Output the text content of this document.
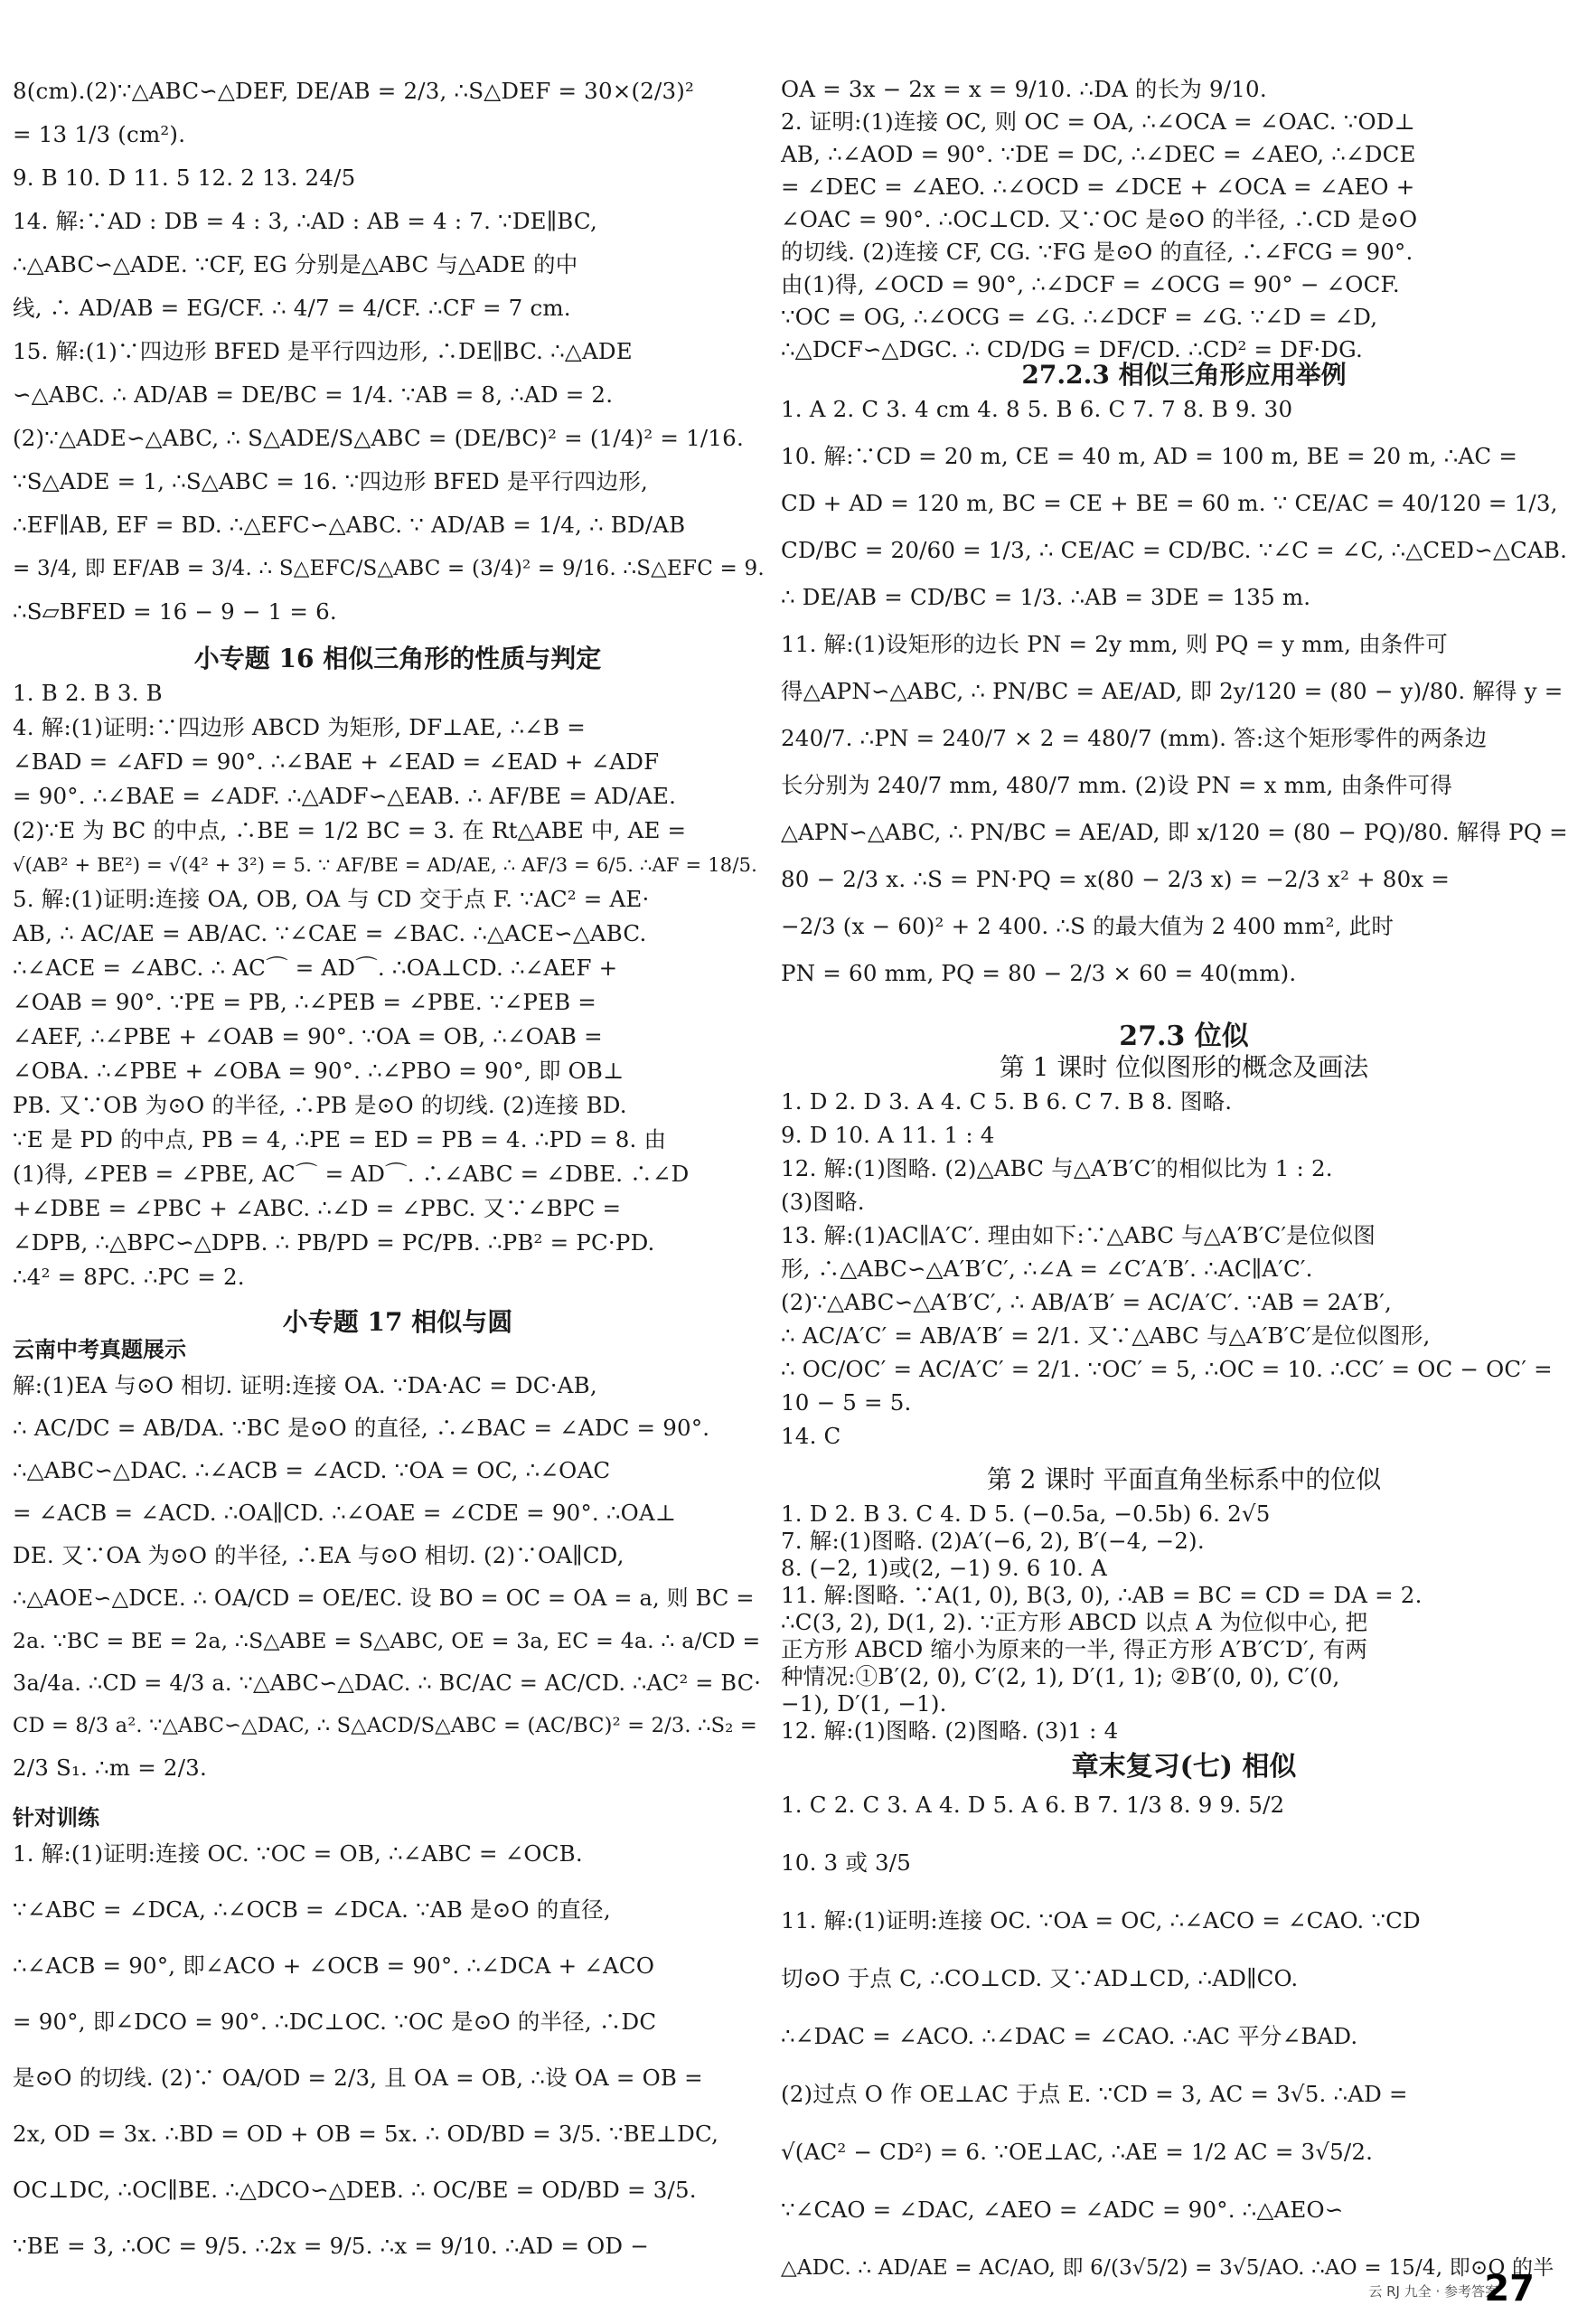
8(cm).(2)∵△ABC∽△DEF, DE/AB = 2/3, ∴S△DEF = 30×(2/3)²
= 13 1/3 (cm²).
9. B 10. D 11. 5 12. 2 13. 24/5
14. 解:∵AD : DB = 4 : 3, ∴AD : AB = 4 : 7. ∵DE∥BC,
∴△ABC∽△ADE. ∵CF, EG 分别是△ABC 与△ADE 的中
线, ∴ AD/AB = EG/CF. ∴ 4/7 = 4/CF. ∴CF = 7 cm.
15. 解:(1)∵四边形 BFED 是平行四边形, ∴DE∥BC. ∴△ADE
∽△ABC. ∴ AD/AB = DE/BC = 1/4. ∵AB = 8, ∴AD = 2.
(2)∵△ADE∽△ABC, ∴ S△ADE/S△ABC = (DE/BC)² = (1/4)² = 1/16.
∵S△ADE = 1, ∴S△ABC = 16. ∵四边形 BFED 是平行四边形,
∴EF∥AB, EF = BD. ∴△EFC∽△ABC. ∵ AD/AB = 1/4, ∴ BD/AB
= 3/4, 即 EF/AB = 3/4. ∴ S△EFC/S△ABC = (3/4)² = 9/16. ∴S△EFC = 9.
∴S▱BFED = 16 − 9 − 1 = 6.
小专题 16 相似三角形的性质与判定
1. B 2. B 3. B
4. 解:(1)证明:∵四边形 ABCD 为矩形, DF⊥AE, ∴∠B =
∠BAD = ∠AFD = 90°. ∴∠BAE + ∠EAD = ∠EAD + ∠ADF
= 90°. ∴∠BAE = ∠ADF. ∴△ADF∽△EAB. ∴ AF/BE = AD/AE.
(2)∵E 为 BC 的中点, ∴BE = 1/2 BC = 3. 在 Rt△ABE 中, AE =
√(AB² + BE²) = √(4² + 3²) = 5. ∵ AF/BE = AD/AE, ∴ AF/3 = 6/5. ∴AF = 18/5.
5. 解:(1)证明:连接 OA, OB, OA 与 CD 交于点 F. ∵AC² = AE·
AB, ∴ AC/AE = AB/AC. ∵∠CAE = ∠BAC. ∴△ACE∽△ABC.
∴∠ACE = ∠ABC. ∴ AC⌒ = AD⌒. ∴OA⊥CD. ∴∠AEF +
∠OAB = 90°. ∵PE = PB, ∴∠PEB = ∠PBE. ∵∠PEB =
∠AEF, ∴∠PBE + ∠OAB = 90°. ∵OA = OB, ∴∠OAB =
∠OBA. ∴∠PBE + ∠OBA = 90°. ∴∠PBO = 90°, 即 OB⊥
PB. 又∵OB 为⊙O 的半径, ∴PB 是⊙O 的切线. (2)连接 BD.
∵E 是 PD 的中点, PB = 4, ∴PE = ED = PB = 4. ∴PD = 8. 由
(1)得, ∠PEB = ∠PBE, AC⌒ = AD⌒. ∴∠ABC = ∠DBE. ∴∠D
+∠DBE = ∠PBC + ∠ABC. ∴∠D = ∠PBC. 又∵∠BPC =
∠DPB, ∴△BPC∽△DPB. ∴ PB/PD = PC/PB. ∴PB² = PC·PD.
∴4² = 8PC. ∴PC = 2.
小专题 17 相似与圆
云南中考真题展示
解:(1)EA 与⊙O 相切. 证明:连接 OA. ∵DA·AC = DC·AB,
∴ AC/DC = AB/DA. ∵BC 是⊙O 的直径, ∴∠BAC = ∠ADC = 90°.
∴△ABC∽△DAC. ∴∠ACB = ∠ACD. ∵OA = OC, ∴∠OAC
= ∠ACB = ∠ACD. ∴OA∥CD. ∴∠OAE = ∠CDE = 90°. ∴OA⊥
DE. 又∵OA 为⊙O 的半径, ∴EA 与⊙O 相切. (2)∵OA∥CD,
∴△AOE∽△DCE. ∴ OA/CD = OE/EC. 设 BO = OC = OA = a, 则 BC =
2a. ∵BC = BE = 2a, ∴S△ABE = S△ABC, OE = 3a, EC = 4a. ∴ a/CD =
3a/4a. ∴CD = 4/3 a. ∵△ABC∽△DAC. ∴ BC/AC = AC/CD. ∴AC² = BC·
CD = 8/3 a². ∵△ABC∽△DAC, ∴ S△ACD/S△ABC = (AC/BC)² = 2/3. ∴S₂ =
2/3 S₁. ∴m = 2/3.
针对训练
1. 解:(1)证明:连接 OC. ∵OC = OB, ∴∠ABC = ∠OCB.
∵∠ABC = ∠DCA, ∴∠OCB = ∠DCA. ∵AB 是⊙O 的直径,
∴∠ACB = 90°, 即∠ACO + ∠OCB = 90°. ∴∠DCA + ∠ACO
= 90°, 即∠DCO = 90°. ∴DC⊥OC. ∵OC 是⊙O 的半径, ∴DC
是⊙O 的切线. (2)∵ OA/OD = 2/3, 且 OA = OB, ∴设 OA = OB =
2x, OD = 3x. ∴BD = OD + OB = 5x. ∴ OD/BD = 3/5. ∵BE⊥DC,
OC⊥DC, ∴OC∥BE. ∴△DCO∽△DEB. ∴ OC/BE = OD/BD = 3/5.
∵BE = 3, ∴OC = 9/5. ∴2x = 9/5. ∴x = 9/10. ∴AD = OD −
OA = 3x − 2x = x = 9/10. ∴DA 的长为 9/10.
2. 证明:(1)连接 OC, 则 OC = OA, ∴∠OCA = ∠OAC. ∵OD⊥
AB, ∴∠AOD = 90°. ∵DE = DC, ∴∠DEC = ∠AEO, ∴∠DCE
= ∠DEC = ∠AEO. ∴∠OCD = ∠DCE + ∠OCA = ∠AEO +
∠OAC = 90°. ∴OC⊥CD. 又∵OC 是⊙O 的半径, ∴CD 是⊙O
的切线. (2)连接 CF, CG. ∵FG 是⊙O 的直径, ∴∠FCG = 90°.
由(1)得, ∠OCD = 90°, ∴∠DCF = ∠OCG = 90° − ∠OCF.
∵OC = OG, ∴∠OCG = ∠G. ∴∠DCF = ∠G. ∵∠D = ∠D,
∴△DCF∽△DGC. ∴ CD/DG = DF/CD. ∴CD² = DF·DG.
27.2.3 相似三角形应用举例
1. A 2. C 3. 4 cm 4. 8 5. B 6. C 7. 7 8. B 9. 30
10. 解:∵CD = 20 m, CE = 40 m, AD = 100 m, BE = 20 m, ∴AC =
CD + AD = 120 m, BC = CE + BE = 60 m. ∵ CE/AC = 40/120 = 1/3,
CD/BC = 20/60 = 1/3, ∴ CE/AC = CD/BC. ∵∠C = ∠C, ∴△CED∽△CAB.
∴ DE/AB = CD/BC = 1/3. ∴AB = 3DE = 135 m.
11. 解:(1)设矩形的边长 PN = 2y mm, 则 PQ = y mm, 由条件可
得△APN∽△ABC, ∴ PN/BC = AE/AD, 即 2y/120 = (80 − y)/80. 解得 y =
240/7. ∴PN = 240/7 × 2 = 480/7 (mm). 答:这个矩形零件的两条边
长分别为 240/7 mm, 480/7 mm. (2)设 PN = x mm, 由条件可得
△APN∽△ABC, ∴ PN/BC = AE/AD, 即 x/120 = (80 − PQ)/80. 解得 PQ =
80 − 2/3 x. ∴S = PN·PQ = x(80 − 2/3 x) = −2/3 x² + 80x =
−2/3 (x − 60)² + 2 400. ∴S 的最大值为 2 400 mm², 此时
PN = 60 mm, PQ = 80 − 2/3 × 60 = 40(mm).
27.3 位似
第 1 课时 位似图形的概念及画法
1. D 2. D 3. A 4. C 5. B 6. C 7. B 8. 图略.
9. D 10. A 11. 1 : 4
12. 解:(1)图略. (2)△ABC 与△A′B′C′的相似比为 1 : 2.
(3)图略.
13. 解:(1)AC∥A′C′. 理由如下:∵△ABC 与△A′B′C′是位似图
形, ∴△ABC∽△A′B′C′, ∴∠A = ∠C′A′B′. ∴AC∥A′C′.
(2)∵△ABC∽△A′B′C′, ∴ AB/A′B′ = AC/A′C′. ∵AB = 2A′B′,
∴ AC/A′C′ = AB/A′B′ = 2/1. 又∵△ABC 与△A′B′C′是位似图形,
∴ OC/OC′ = AC/A′C′ = 2/1. ∵OC′ = 5, ∴OC = 10. ∴CC′ = OC − OC′ =
10 − 5 = 5.
14. C
第 2 课时 平面直角坐标系中的位似
1. D 2. B 3. C 4. D 5. (−0.5a, −0.5b) 6. 2√5
7. 解:(1)图略. (2)A′(−6, 2), B′(−4, −2).
8. (−2, 1)或(2, −1) 9. 6 10. A
11. 解:图略. ∵A(1, 0), B(3, 0), ∴AB = BC = CD = DA = 2.
∴C(3, 2), D(1, 2). ∵正方形 ABCD 以点 A 为位似中心, 把
正方形 ABCD 缩小为原来的一半, 得正方形 A′B′C′D′, 有两
种情况:①B′(2, 0), C′(2, 1), D′(1, 1); ②B′(0, 0), C′(0,
−1), D′(1, −1).
12. 解:(1)图略. (2)图略. (3)1 : 4
章末复习(七) 相似
1. C 2. C 3. A 4. D 5. A 6. B 7. 1/3 8. 9 9. 5/2
10. 3 或 3/5
11. 解:(1)证明:连接 OC. ∵OA = OC, ∴∠ACO = ∠CAO. ∵CD
切⊙O 于点 C, ∴CO⊥CD. 又∵AD⊥CD, ∴AD∥CO.
∴∠DAC = ∠ACO. ∴∠DAC = ∠CAO. ∴AC 平分∠BAD.
(2)过点 O 作 OE⊥AC 于点 E. ∵CD = 3, AC = 3√5. ∴AD =
√(AC² − CD²) = 6. ∵OE⊥AC, ∴AE = 1/2 AC = 3√5/2.
∵∠CAO = ∠DAC, ∠AEO = ∠ADC = 90°. ∴△AEO∽
△ADC. ∴ AD/AE = AC/AO, 即 6/(3√5/2) = 3√5/AO. ∴AO = 15/4, 即⊙O 的半
云 RJ 九全 · 参考答案
27
